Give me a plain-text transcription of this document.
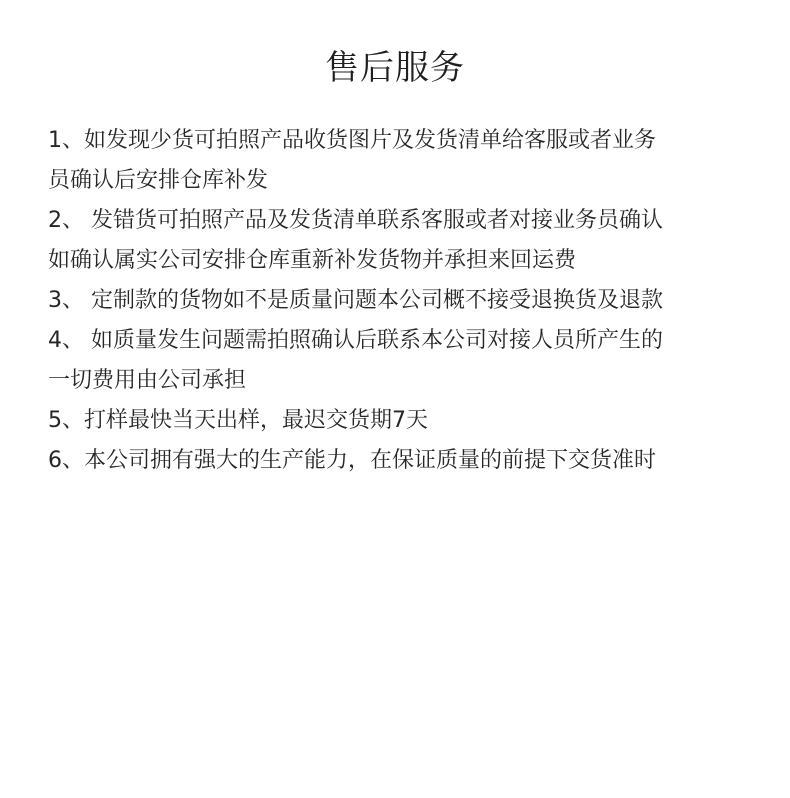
售后服务
1、如发现少货可拍照产品收货图片及发货清单给客服或者业务
员确认后安排仓库补发
2、 发错货可拍照产品及发货清单联系客服或者对接业务员确认
如确认属实公司安排仓库重新补发货物并承担来回运费
3、 定制款的货物如不是质量问题本公司概不接受退换货及退款
4、 如质量发生问题需拍照确认后联系本公司对接人员所产生的
一切费用由公司承担
5、打样最快当天出样，最迟交货期7天
6、本公司拥有强大的生产能力，在保证质量的前提下交货准时
